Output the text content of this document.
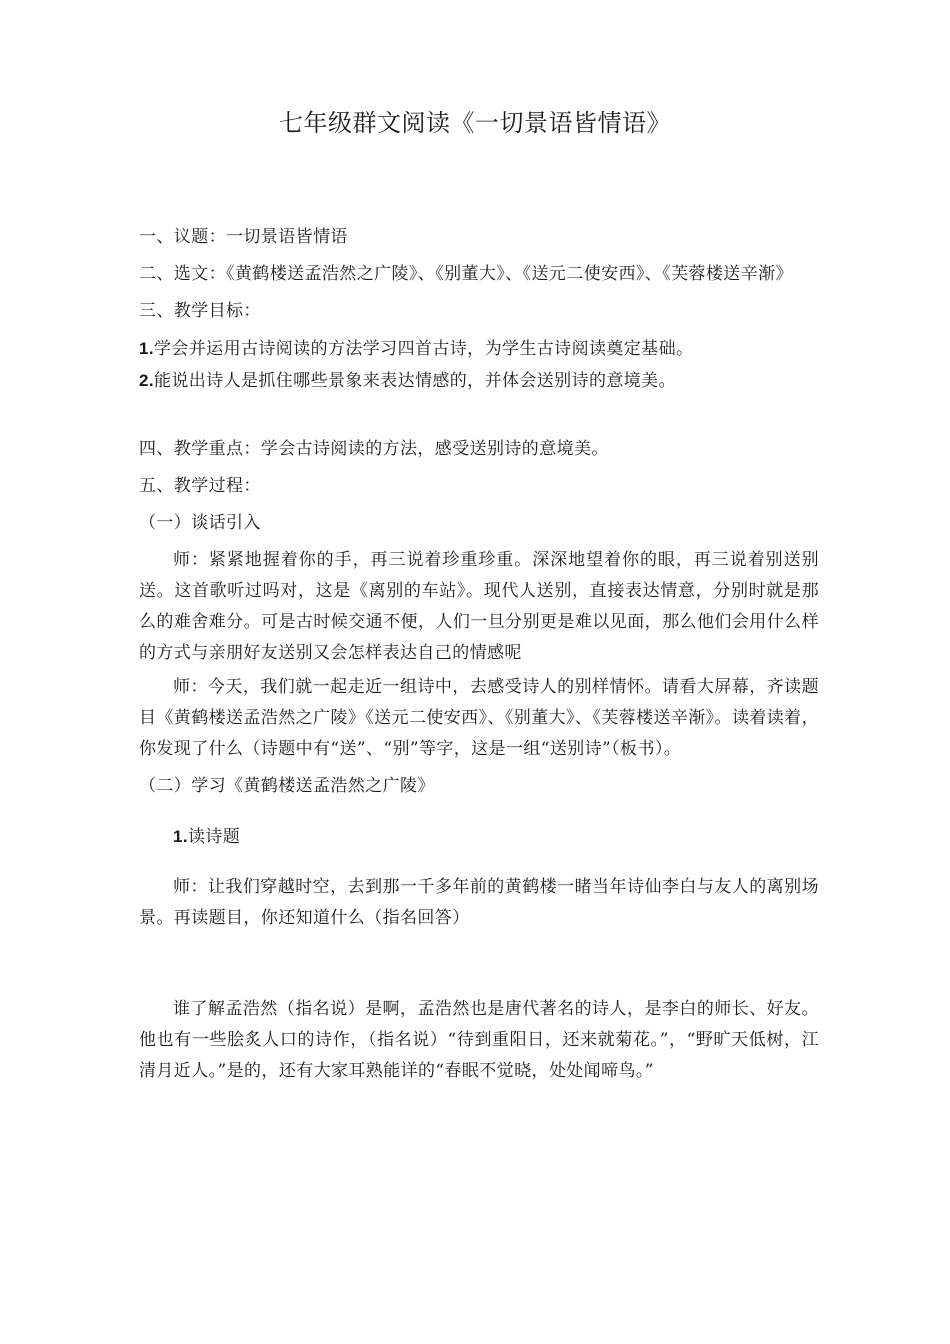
七年级群文阅读《一切景语皆情语》

一、议题：一切景语皆情语

二、选文：《黄鹤楼送孟浩然之广陵》、《别董大》、《送元二使安西》、《芙蓉楼送辛渐》

三、教学目标：

1.学会并运用古诗阅读的方法学习四首古诗，为学生古诗阅读奠定基础。

2.能说出诗人是抓住哪些景象来表达情感的，并体会送别诗的意境美。

四、教学重点：学会古诗阅读的方法，感受送别诗的意境美。

五、教学过程：

（一）谈话引入

师：紧紧地握着你的手，再三说着珍重珍重。深深地望着你的眼，再三说着别送别送。这首歌听过吗对，这是《离别的车站》。现代人送别，直接表达情意，分别时就是那么的难舍难分。可是古时候交通不便，人们一旦分别更是难以见面，那么他们会用什么样的方式与亲朋好友送别又会怎样表达自己的情感呢

师：今天，我们就一起走近一组诗中，去感受诗人的别样情怀。请看大屏幕，齐读题目《黄鹤楼送孟浩然之广陵》《送元二使安西》、《别董大》、《芙蓉楼送辛渐》。读着读着，你发现了什么（诗题中有“送”、“别”等字，这是一组“送别诗”（板书）。

（二）学习《黄鹤楼送孟浩然之广陵》

1.读诗题

师：让我们穿越时空，去到那一千多年前的黄鹤楼一睹当年诗仙李白与友人的离别场景。再读题目，你还知道什么（指名回答）

谁了解孟浩然（指名说）是啊，孟浩然也是唐代著名的诗人，是李白的师长、好友。他也有一些脍炙人口的诗作，（指名说）“待到重阳日，还来就菊花。”，“野旷天低树，江清月近人。”是的，还有大家耳熟能详的“春眠不觉晓，处处闻啼鸟。”
